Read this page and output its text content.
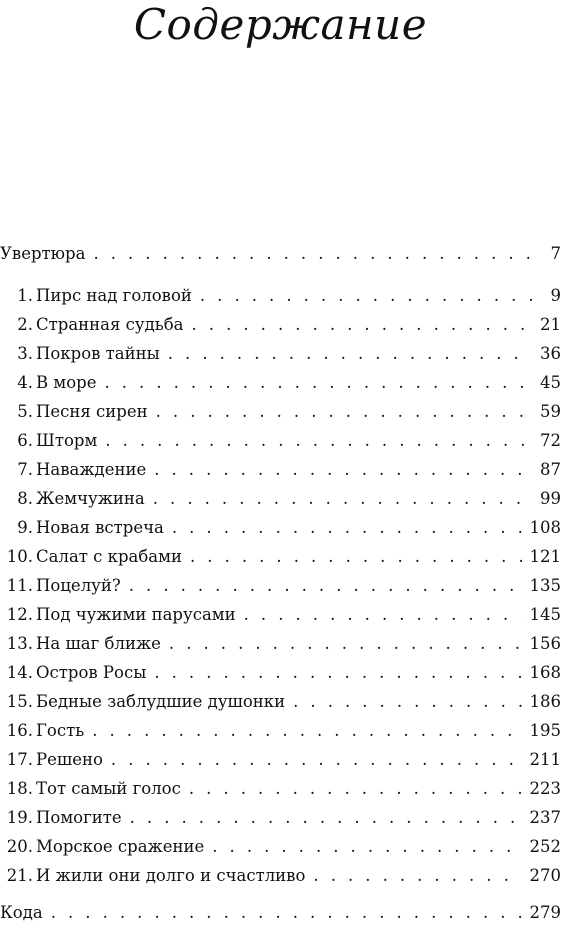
Содержание
Увертюра . . .	7
1. Пирс над головой . . .	9
2. Странная судьба . . .	21
3. Покров тайны . . .	36
4. В море . . .	45
5. Песня сирен . . .	59
6. Шторм . . .	72
7. Наваждение . . .	87
8. Жемчужина . . .	99
9. Новая встреча . . .	108
10. Салат с крабами . . .	121
11. Поцелуй? . . .	135
12. Под чужими парусами . . .	145
13. На шаг ближе . . .	156
14. Остров Росы . . .	168
15. Бедные заблудшие душонки . . .	186
16. Гость . . .	195
17. Решено . . .	211
18. Тот самый голос . . .	223
19. Помогите . . .	237
20. Морское сражение . . .	252
21. И жили они долго и счастливо . . .	270
Кода . . .	279
